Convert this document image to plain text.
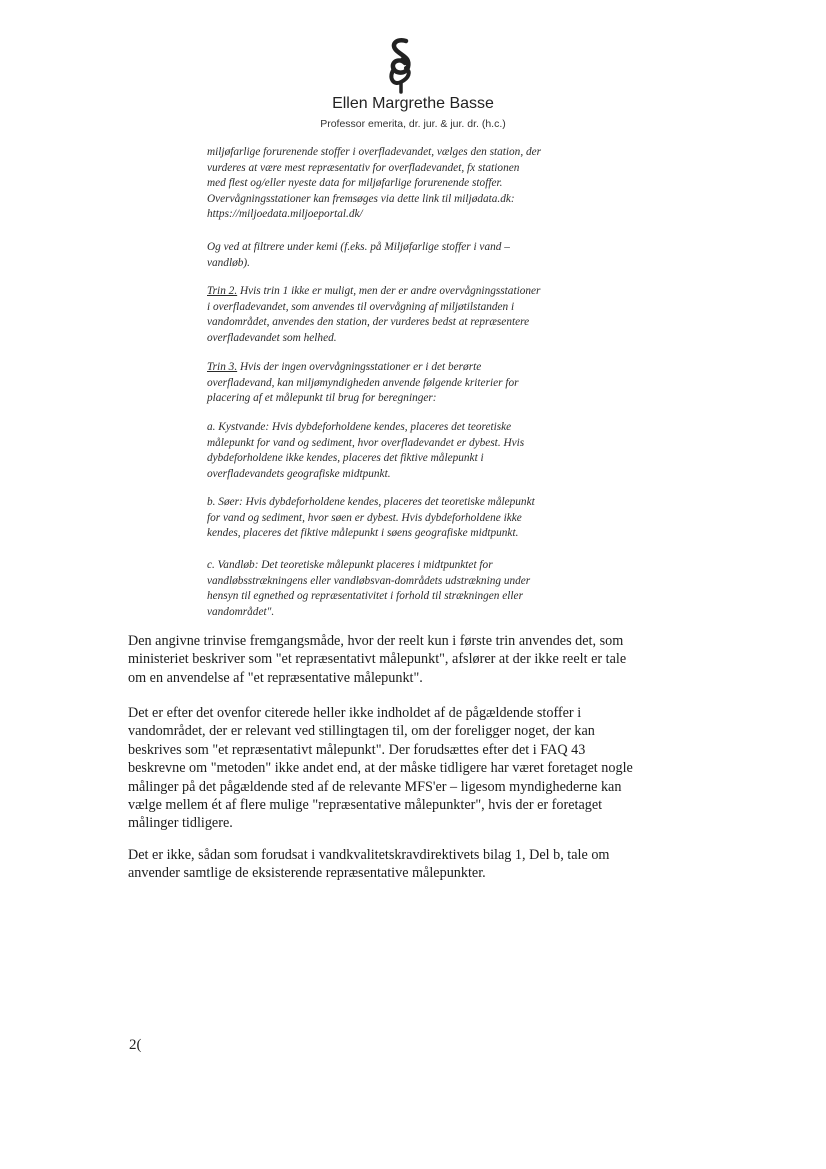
Ellen Margrethe Basse
Professor emerita, dr. jur. & jur. dr. (h.c.)
miljøfarlige forurenende stoffer i overfladevandet, vælges den station, der
vurderes at være mest repræsentativ for overfladevandet, fx stationen
med flest og/eller nyeste data for miljøfarlige forurenende stoffer.
Overvågningsstationer kan fremsøges via dette link til miljødata.dk:
https://miljoedata.miljoeportal.dk/
Og ved at filtrere under kemi (f.eks. på Miljøfarlige stoffer i vand –
vandløb).
Trin 2. Hvis trin 1 ikke er muligt, men der er andre overvågningsstationer
i overfladevandet, som anvendes til overvågning af miljøtilstanden i
vandområdet, anvendes den station, der vurderes bedst at repræsentere
overfladevandet som helhed.
Trin 3. Hvis der ingen overvågningsstationer er i det berørte
overfladevand, kan miljømyndigheden anvende følgende kriterier for
placering af et målepunkt til brug for beregninger:
a. Kystvande: Hvis dybdeforholdene kendes, placeres det teoretiske
målepunkt for vand og sediment, hvor overfladevandet er dybest. Hvis
dybdeforholdene ikke kendes, placeres det fiktive målepunkt i
overfladevandets geografiske midtpunkt.
b. Søer: Hvis dybdeforholdene kendes, placeres det teoretiske målepunkt
for vand og sediment, hvor søen er dybest. Hvis dybdeforholdene ikke
kendes, placeres det fiktive målepunkt i søens geografiske midtpunkt.
c. Vandløb: Det teoretiske målepunkt placeres i midtpunktet for
vandløbsstrækningens eller vandløbsvan-dområdets udstrækning under
hensyn til egnethed og repræsentativitet i forhold til strækningen eller
vandområdet".
Den angivne trinvise fremgangsmåde, hvor der reelt kun i første trin anvendes det, som
ministeriet beskriver som "et repræsentativt målepunkt", afslører at der ikke reelt er tale
om en anvendelse af "et repræsentative målepunkt".
Det er efter det ovenfor citerede heller ikke indholdet af de pågældende stoffer i
vandområdet, der er relevant ved stillingtagen til, om der foreligger noget, der kan
beskrives som "et repræsentativt målepunkt". Der forudsættes efter det i FAQ 43
beskrevne om "metoden" ikke andet end, at der måske tidligere har været foretaget nogle
målinger på det pågældende sted af de relevante MFS'er – ligesom myndighederne kan
vælge mellem ét af flere mulige "repræsentative målepunkter", hvis der er foretaget
målinger tidligere.
Det er ikke, sådan som forudsat i vandkvalitetskravdirektivets bilag 1, Del b, tale om
anvender samtlige de eksisterende repræsentative målepunkter.
2(
